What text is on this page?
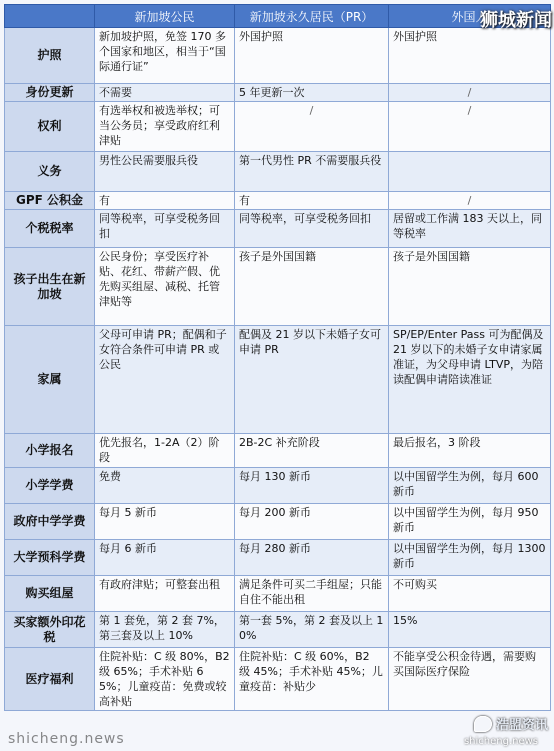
	新加坡公民	新加坡永久居民（PR）	外国人
护照	新加坡护照，免签 170 多个国家和地区，相当于“国际通行证”	外国护照	外国护照
身份更新	不需要	5 年更新一次	/
权利	有选举权和被选举权；可当公务员；享受政府红利津贴	/	/
义务	男性公民需要服兵役	第一代男性 PR 不需要服兵役	
GPF 公积金	有	有	/
个税税率	同等税率，可享受税务回扣	同等税率，可享受税务回扣	居留或工作满 183 天以上，同等税率
孩子出生在新加坡	公民身份；享受医疗补贴、花红、带薪产假、优先购买组屋、减税、托管津贴等	孩子是外国国籍	孩子是外国国籍
家属	父母可申请 PR；配偶和子女符合条件可申请 PR 或公民	配偶及 21 岁以下未婚子女可申请 PR	SP/EP/Enter Pass 可为配偶及 21 岁以下的未婚子女申请家属准证，为父母申请 LTVP，为陪读配偶申请陪读准证
小学报名	优先报名，1-2A（2）阶段	2B-2C 补充阶段	最后报名，3 阶段
小学学费	免费	每月 130 新币	以中国留学生为例，每月 600 新币
政府中学学费	每月 5 新币	每月 200 新币	以中国留学生为例，每月 950 新币
大学预科学费	每月 6 新币	每月 280 新币	以中国留学生为例，每月 1300 新币
购买组屋	有政府津贴；可整套出租	满足条件可买二手组屋；只能自住不能出租	不可购买
买家额外印花税	第 1 套免，第 2 套 7%，第三套及以上 10%	第一套 5%，第 2 套及以上 10%	15%
医疗福利	住院补贴：C 级 80%，B2 级 65%；手术补贴 65%；儿童疫苗：免费或较高补贴	住院补贴：C 级 60%，B2 级 45%；手术补贴 45%；儿童疫苗：补贴少	不能享受公积金待遇，需要购买国际医疗保险
狮城新闻
shicheng.news
浩盟资讯
shicheng.news
